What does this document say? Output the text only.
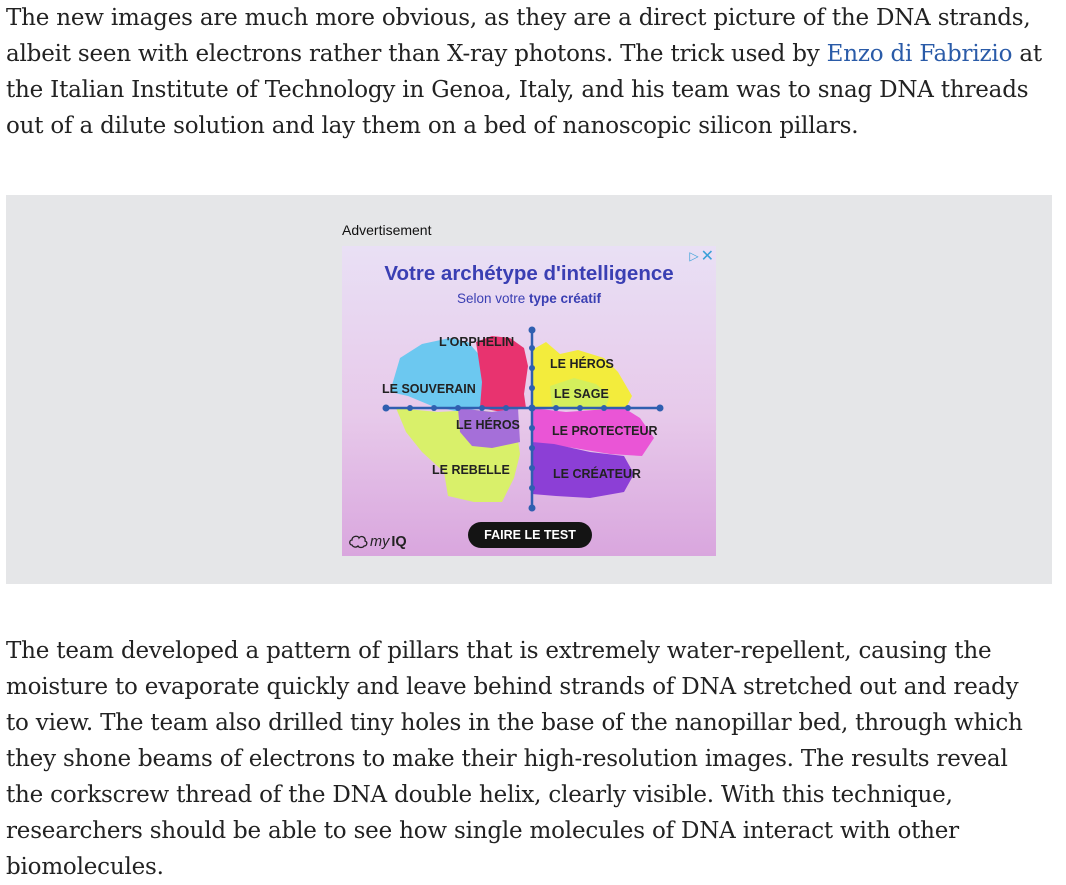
The new images are much more obvious, as they are a direct picture of the DNA strands, albeit seen with electrons rather than X-ray photons. The trick used by Enzo di Fabrizio at the Italian Institute of Technology in Genoa, Italy, and his team was to snag DNA threads out of a dilute solution and lay them on a bed of nanoscopic silicon pillars.

Advertisement
▷ ✕
Votre archétype d'intelligence
Selon votre type créatif
L'ORPHELIN
LE HÉROS
LE SOUVERAIN	LE SAGE
LE HÉROS	LE PROTECTEUR
LE REBELLE	LE CRÉATEUR
FAIRE LE TEST
my IQ

The team developed a pattern of pillars that is extremely water-repellent, causing the moisture to evaporate quickly and leave behind strands of DNA stretched out and ready to view. The team also drilled tiny holes in the base of the nanopillar bed, through which they shone beams of electrons to make their high-resolution images. The results reveal the corkscrew thread of the DNA double helix, clearly visible. With this technique, researchers should be able to see how single molecules of DNA interact with other biomolecules.
